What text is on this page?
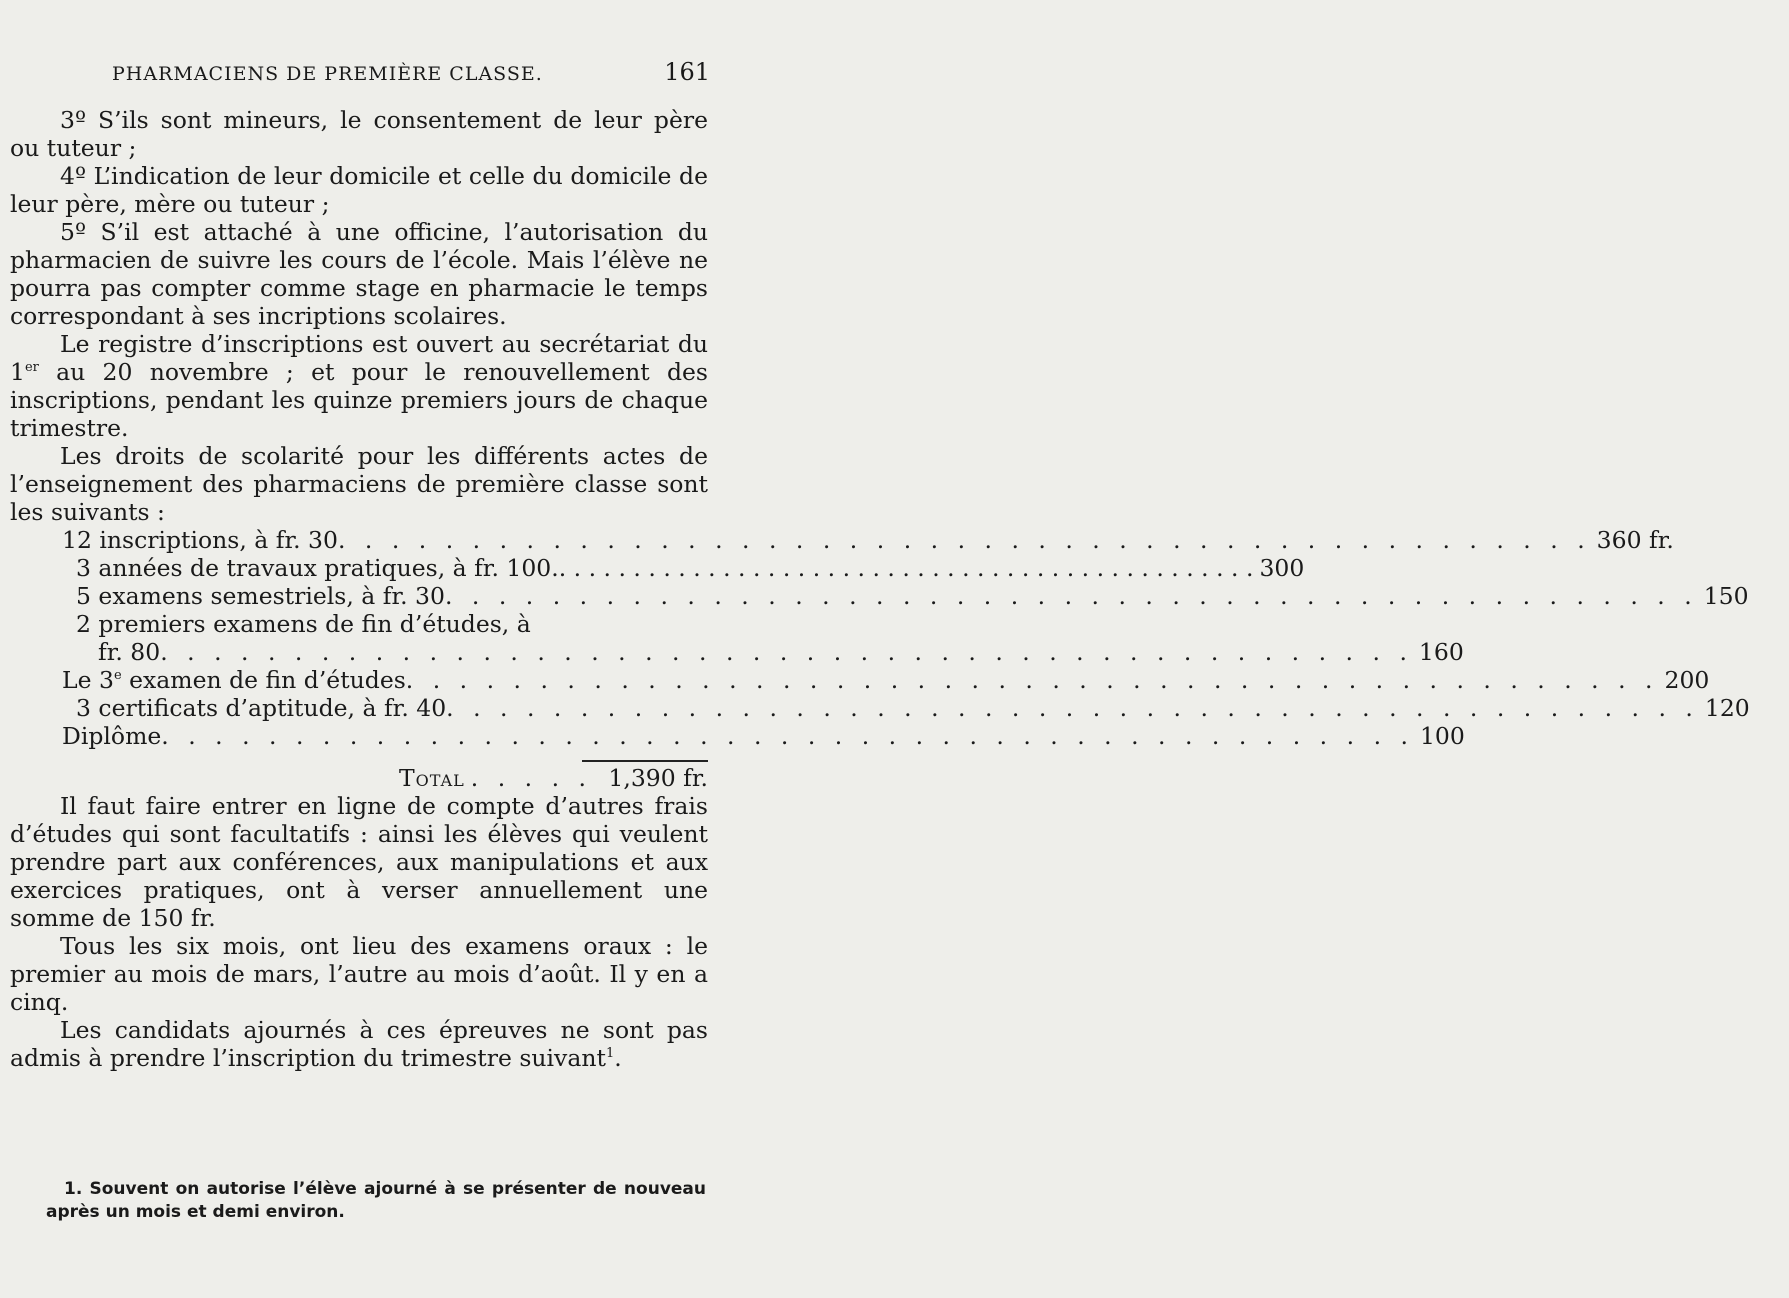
PHARMACIENS DE PREMIÈRE CLASSE.	161

3º S’ils sont mineurs, le consentement de leur père ou tuteur ;

4º L’indication de leur domicile et celle du domicile de leur père, mère ou tuteur ;

5º S’il est attaché à une officine, l’autorisation du pharmacien de suivre les cours de l’école. Mais l’élève ne pourra pas compter comme stage en pharmacie le temps correspondant à ses incriptions scolaires.

Le registre d’inscriptions est ouvert au secrétariat du 1er au 20 novembre ; et pour le renouvellement des inscriptions, pendant les quinze premiers jours de chaque trimestre.

Les droits de scolarité pour les différents actes de l’enseignement des pharmaciens de première classe sont les suivants :

12 inscriptions, à fr. 30 . . .	360 fr.
3 années de travaux pratiques, à fr. 100. . . .	300
5 examens semestriels, à fr. 30 . . .	150
2 premiers examens de fin d’études, à
fr. 80 . . .	160
Le 3e examen de fin d’études . . .	200
3 certificats d’aptitude, à fr. 40 . . .	120
Diplôme . . .	100
Total . . . . . 1,390 fr.

Il faut faire entrer en ligne de compte d’autres frais d’études qui sont facultatifs : ainsi les élèves qui veulent prendre part aux conférences, aux manipulations et aux exercices pratiques, ont à verser annuellement une somme de 150 fr.

Tous les six mois, ont lieu des examens oraux : le premier au mois de mars, l’autre au mois d’août. Il y en a cinq.

Les candidats ajournés à ces épreuves ne sont pas admis à prendre l’inscription du trimestre suivant$^1$.

1. Souvent on autorise l’élève ajourné à se présenter de nouveau après un mois et demi environ.
